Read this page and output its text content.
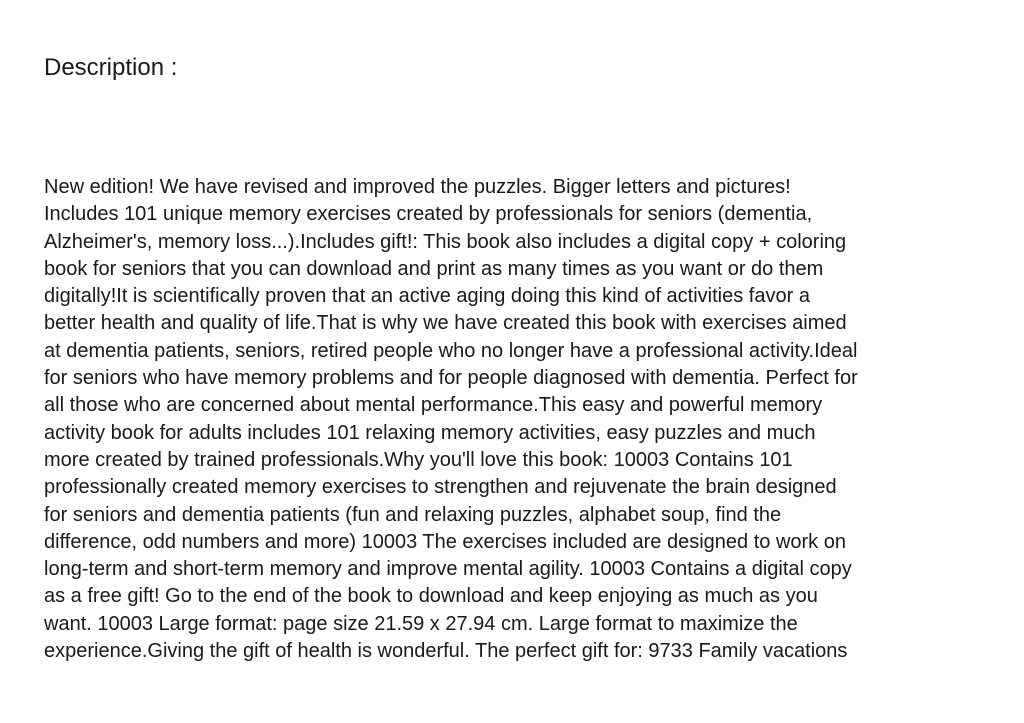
Description :
New edition! We have revised and improved the puzzles. Bigger letters and pictures!
Includes 101 unique memory exercises created by professionals for seniors (dementia,
Alzheimer's, memory loss...).Includes gift!: This book also includes a digital copy + coloring
book for seniors that you can download and print as many times as you want or do them
digitally!It is scientifically proven that an active aging doing this kind of activities favor a
better health and quality of life.That is why we have created this book with exercises aimed
at dementia patients, seniors, retired people who no longer have a professional activity.Ideal
for seniors who have memory problems and for people diagnosed with dementia. Perfect for
all those who are concerned about mental performance.This easy and powerful memory
activity book for adults includes 101 relaxing memory activities, easy puzzles and much
more created by trained professionals.Why you'll love this book: 10003 Contains 101
professionally created memory exercises to strengthen and rejuvenate the brain designed
for seniors and dementia patients (fun and relaxing puzzles, alphabet soup, find the
difference, odd numbers and more) 10003 The exercises included are designed to work on
long-term and short-term memory and improve mental agility. 10003 Contains a digital copy
as a free gift! Go to the end of the book to download and keep enjoying as much as you
want. 10003 Large format: page size 21.59 x 27.94 cm. Large format to maximize the
experience.Giving the gift of health is wonderful. The perfect gift for: 9733 Family vacations
